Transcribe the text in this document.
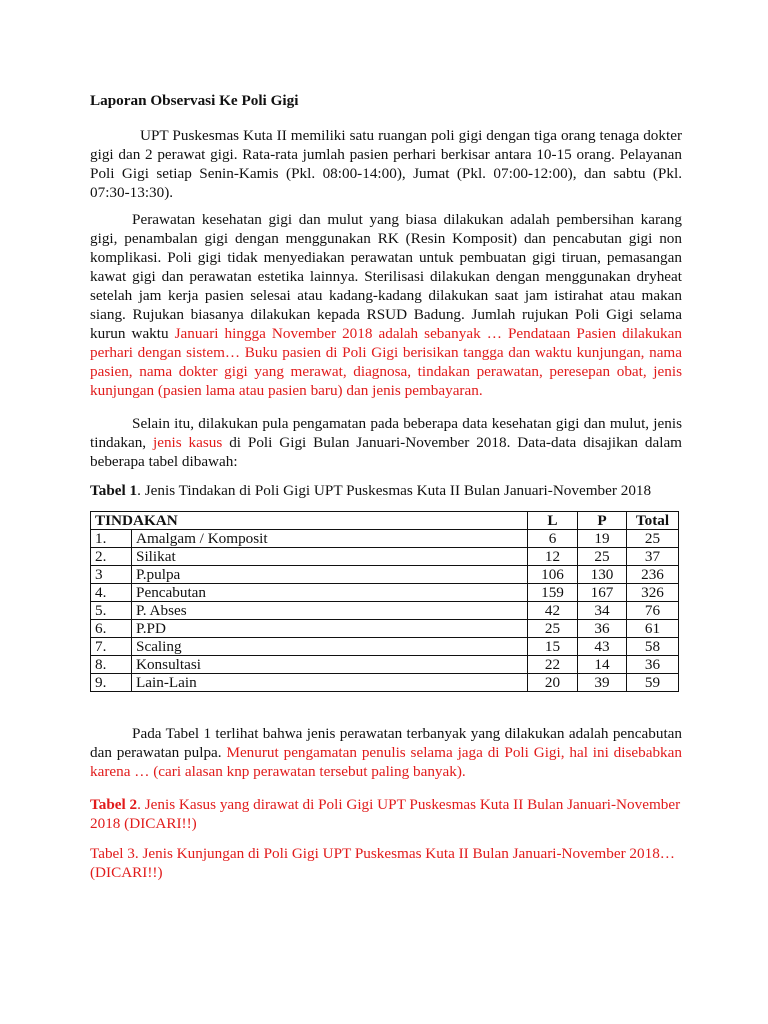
Laporan Observasi Ke Poli Gigi

UPT Puskesmas Kuta II memiliki satu ruangan poli gigi dengan tiga orang tenaga dokter gigi dan 2 perawat gigi. Rata-rata jumlah pasien perhari berkisar antara 10-15 orang. Pelayanan Poli Gigi setiap Senin-Kamis (Pkl. 08:00-14:00), Jumat (Pkl. 07:00-12:00), dan sabtu (Pkl. 07:30-13:30).

Perawatan kesehatan gigi dan mulut yang biasa dilakukan adalah pembersihan karang gigi, penambalan gigi dengan menggunakan RK (Resin Komposit) dan pencabutan gigi non komplikasi. Poli gigi tidak menyediakan perawatan untuk pembuatan gigi tiruan, pemasangan kawat gigi dan perawatan estetika lainnya. Sterilisasi dilakukan dengan menggunakan dryheat setelah jam kerja pasien selesai atau kadang-kadang dilakukan saat jam istirahat atau makan siang. Rujukan biasanya dilakukan kepada RSUD Badung. Jumlah rujukan Poli Gigi selama kurun waktu Januari hingga November 2018 adalah sebanyak … Pendataan Pasien dilakukan perhari dengan sistem… Buku pasien di Poli Gigi berisikan tangga dan waktu kunjungan, nama pasien, nama dokter gigi yang merawat, diagnosa, tindakan perawatan, peresepan obat, jenis kunjungan (pasien lama atau pasien baru) dan jenis pembayaran.

Selain itu, dilakukan pula pengamatan pada beberapa data kesehatan gigi dan mulut, jenis tindakan, jenis kasus di Poli Gigi Bulan Januari-November 2018. Data-data disajikan dalam beberapa tabel dibawah:

Tabel 1. Jenis Tindakan di Poli Gigi UPT Puskesmas Kuta II Bulan Januari-November 2018

TINDAKAN		L	P	Total
1.	Amalgam / Komposit	6	19	25
2.	Silikat	12	25	37
3	P.pulpa	106	130	236
4.	Pencabutan	159	167	326
5.	P. Abses	42	34	76
6.	P.PD	25	36	61
7.	Scaling	15	43	58
8.	Konsultasi	22	14	36
9.	Lain-Lain	20	39	59

Pada Tabel 1 terlihat bahwa jenis perawatan terbanyak yang dilakukan adalah pencabutan dan perawatan pulpa. Menurut pengamatan penulis selama jaga di Poli Gigi, hal ini disebabkan karena … (cari alasan knp perawatan tersebut paling banyak).

Tabel 2. Jenis Kasus yang dirawat di Poli Gigi UPT Puskesmas Kuta II Bulan Januari-November 2018 (DICARI!!)

Tabel 3. Jenis Kunjungan di Poli Gigi UPT Puskesmas Kuta II Bulan Januari-November 2018… (DICARI!!)
